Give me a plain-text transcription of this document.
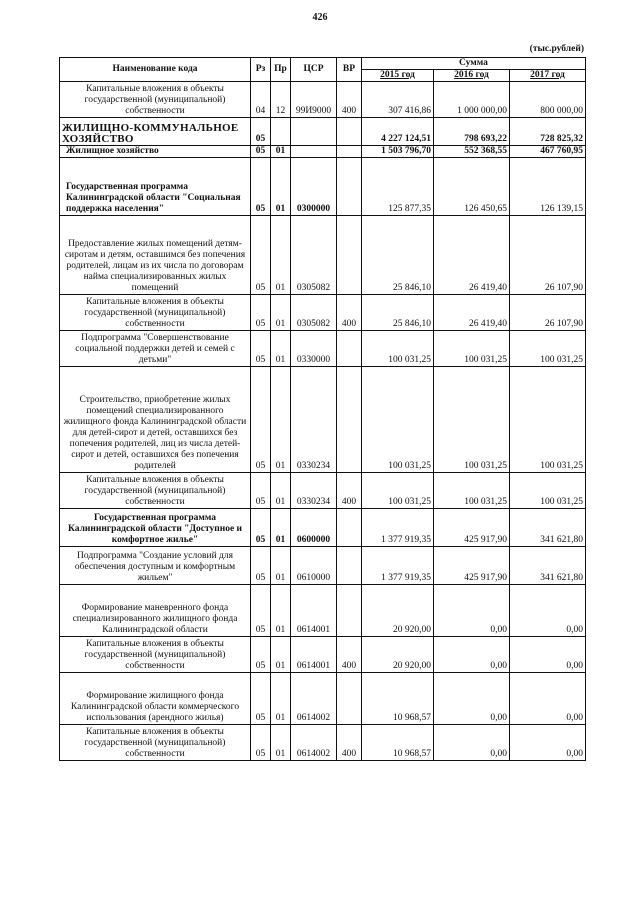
426
(тыс.рублей)
Наименование кода	Рз	Пр	ЦСР	ВР	Сумма		
					2015 год	2016 год	2017 год

Капитальные вложения в объекты государственной (муниципальной) собственности	04	12	99И9000	400	307 416,86	1 000 000,00	800 000,00
ЖИЛИЩНО-КОММУНАЛЬНОЕ ХОЗЯЙСТВО	05				4 227 124,51	798 693,22	728 825,32

Жилищное хозяйство	05	01			1 503 796,70	552 368,55	467 760,95

Государственная программа Калининградской области "Социальная поддержка населения"	05	01	0300000		125 877,35	126 450,65	126 139,15

Предоставление жилых помещений детям-сиротам и детям, оставшимся без попечения родителей, лицам из их числа по договорам найма специализированных жилых помещений	05	01	0305082		25 846,10	26 419,40	26 107,90

Капитальные вложения в объекты государственной (муниципальной) собственности	05	01	0305082	400	25 846,10	26 419,40	26 107,90

Подпрограмма "Совершенствование социальной поддержки детей и семей с детьми"	05	01	0330000		100 031,25	100 031,25	100 031,25

Строительство, приобретение жилых помещений специализированного жилищного фонда Калининградской области для детей-сирот и детей, оставшихся без попечения родителей, лиц из числа детей-сирот и детей, оставшихся без попечения родителей	05	01	0330234		100 031,25	100 031,25	100 031,25

Капитальные вложения в объекты государственной (муниципальной) собственности	05	01	0330234	400	100 031,25	100 031,25	100 031,25

Государственная программа Калининградской области "Доступное и комфортное жилье"	05	01	0600000		1 377 919,35	425 917,90	341 621,80

Подпрограмма "Создание условий для обеспечения доступным и комфортным жильем"	05	01	0610000		1 377 919,35	425 917,90	341 621,80

Формирование маневренного фонда специализированного жилищного фонда Калининградской области	05	01	0614001		20 920,00	0,00	0,00

Капитальные вложения в объекты государственной (муниципальной) собственности	05	01	0614001	400	20 920,00	0,00	0,00

Формирование жилищного фонда Калининградской области коммерческого использования (арендного жилья)	05	01	0614002		10 968,57	0,00	0,00

Капитальные вложения в объекты государственной (муниципальной) собственности	05	01	0614002	400	10 968,57	0,00	0,00
